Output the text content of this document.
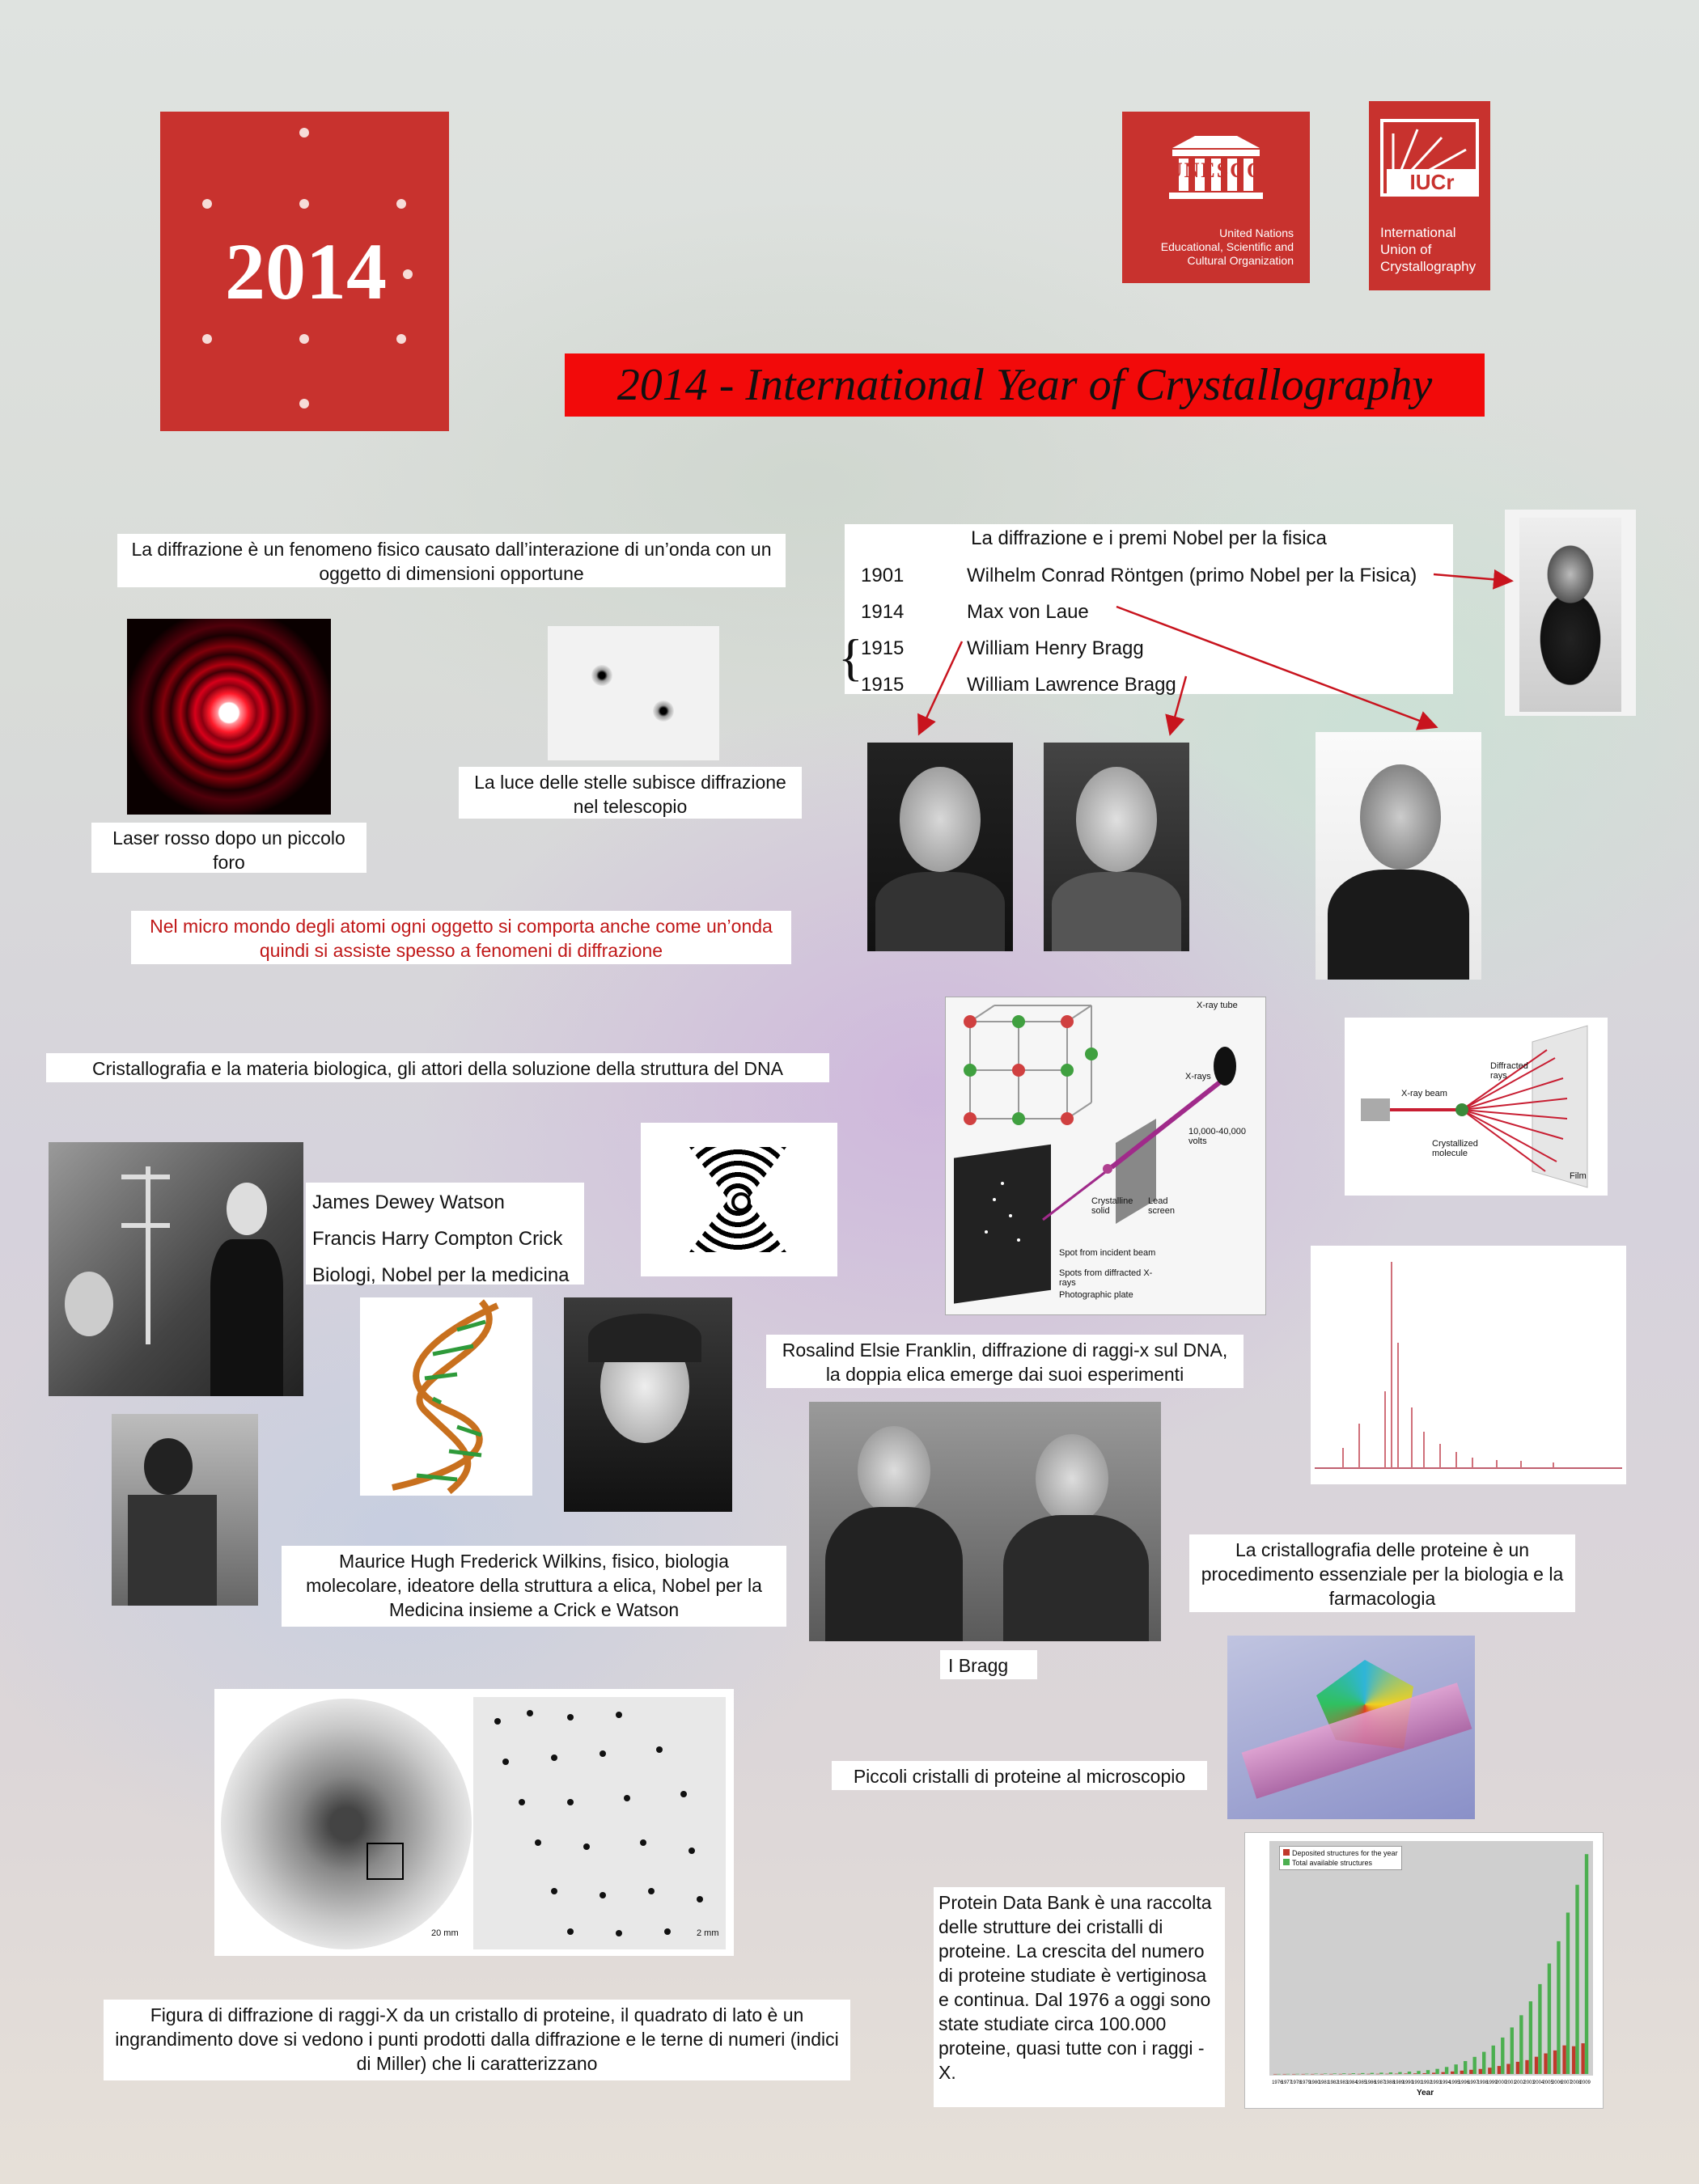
2014
UNESCO
United Nations
Educational, Scientific and
Cultural Organization
IUCr
International
Union of
Crystallography
2014 - International Year of Crystallography
La diffrazione è un fenomeno fisico causato dall’interazione di un’onda con un oggetto di dimensioni opportune
Laser rosso dopo un piccolo foro
La luce delle stelle subisce diffrazione nel telescopio
Nel micro mondo degli atomi ogni oggetto si comporta anche come un’onda quindi si assiste spesso a fenomeni di diffrazione
La diffrazione e i premi Nobel per la fisica
1901	Wilhelm Conrad Röntgen (primo Nobel per la Fisica)
1914	Max von Laue
1915	William Henry Bragg
1915	William Lawrence Bragg
{
Cristallografia e la materia biologica, gli attori della soluzione della struttura del DNA
James Dewey Watson
Francis Harry Compton Crick
Biologi, Nobel per la medicina
Maurice Hugh Frederick Wilkins, fisico, biologia molecolare, ideatore della struttura a elica, Nobel per la Medicina insieme a Crick e Watson
X-ray tube
X-rays
10,000-40,000 volts
Crystalline solid
Lead screen
Spot from incident beam
Spots from diffracted X-rays
Photographic plate
X-ray beam
Diffracted rays
Crystallized molecule
Film
Rosalind Elsie Franklin, diffrazione di raggi-x sul DNA, la doppia elica emerge dai suoi esperimenti
I Bragg
La cristallografia delle proteine è un procedimento essenziale per la biologia e la farmacologia
Piccoli cristalli di proteine al microscopio
20 mm	2 mm
Figura di diffrazione di raggi-X da un cristallo di proteine, il quadrato di lato è un ingrandimento dove si vedono i punti prodotti dalla diffrazione e le terne di numeri (indici di Miller) che li caratterizzano
Protein Data Bank è una raccolta delle strutture dei cristalli di proteine. La crescita del numero di proteine studiate è vertiginosa e continua. Dal 1976 a oggi sono state studiate circa 100.000 proteine, quasi tutte con i raggi -X.
Deposited structures for the year
Total available structures
1976
1977
1978
1979
1980
1981
1982
1983
1984
1985
1986
1987
1988
1989
1990
1991
1992
1993
1994
1995
1996
1997
1998
1999
2000
2001
2002
2003
2004
2005
2006
2007
2008
2009
Year
